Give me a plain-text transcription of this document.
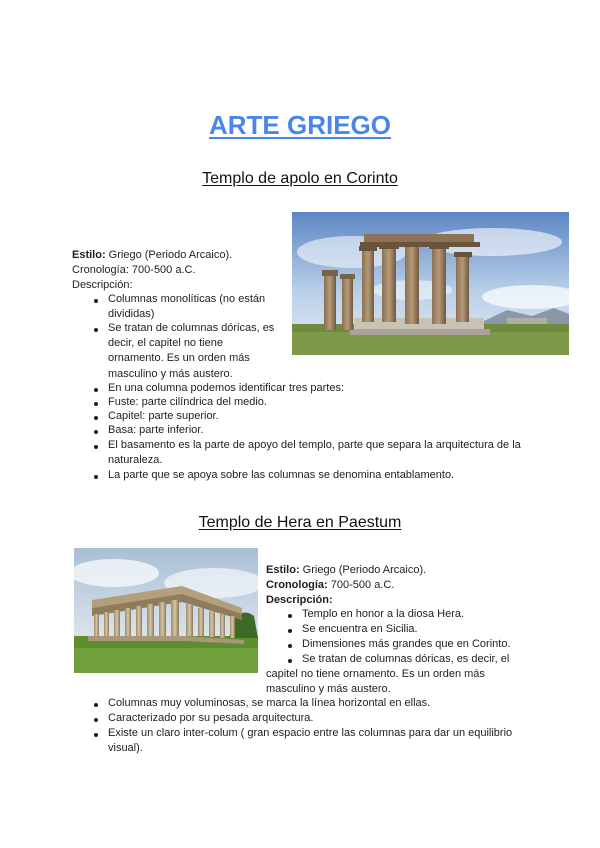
ARTE GRIEGO
Templo de apolo en Corinto
Estilo: Griego (Periodo Arcaico).
Cronología: 700-500 a.C.
Descripción:
Columnas monolíticas (no están
divididas)
Se tratan de columnas dóricas, es
decir, el capitel no tiene
ornamento. Es un orden más
masculino y más austero.
En una columna podemos identificar tres partes:
Fuste: parte cilíndrica del medio.
Capitel: parte superior.
Basa: parte inferior.
El basamento es la parte de apoyo del templo, parte que separa la arquitectura de la
naturaleza.
La parte que se apoya sobre las columnas se denomina entablamento.
Templo de Hera en Paestum
Estilo: Griego (Periodo Arcaico).
Cronología: 700-500 a.C.
Descripción:
Templo en honor a la diosa Hera.
Se encuentra en Sicilia.
Dimensiones más grandes que en Corinto.
Se tratan de columnas dóricas, es decir, el
capitel no tiene ornamento. Es un orden más
masculino y más austero.
Columnas muy voluminosas, se marca la línea horizontal en ellas.
Caracterizado por su pesada arquitectura.
Existe un claro inter-colum ( gran espacio entre las columnas para dar un equilibrio
visual).
